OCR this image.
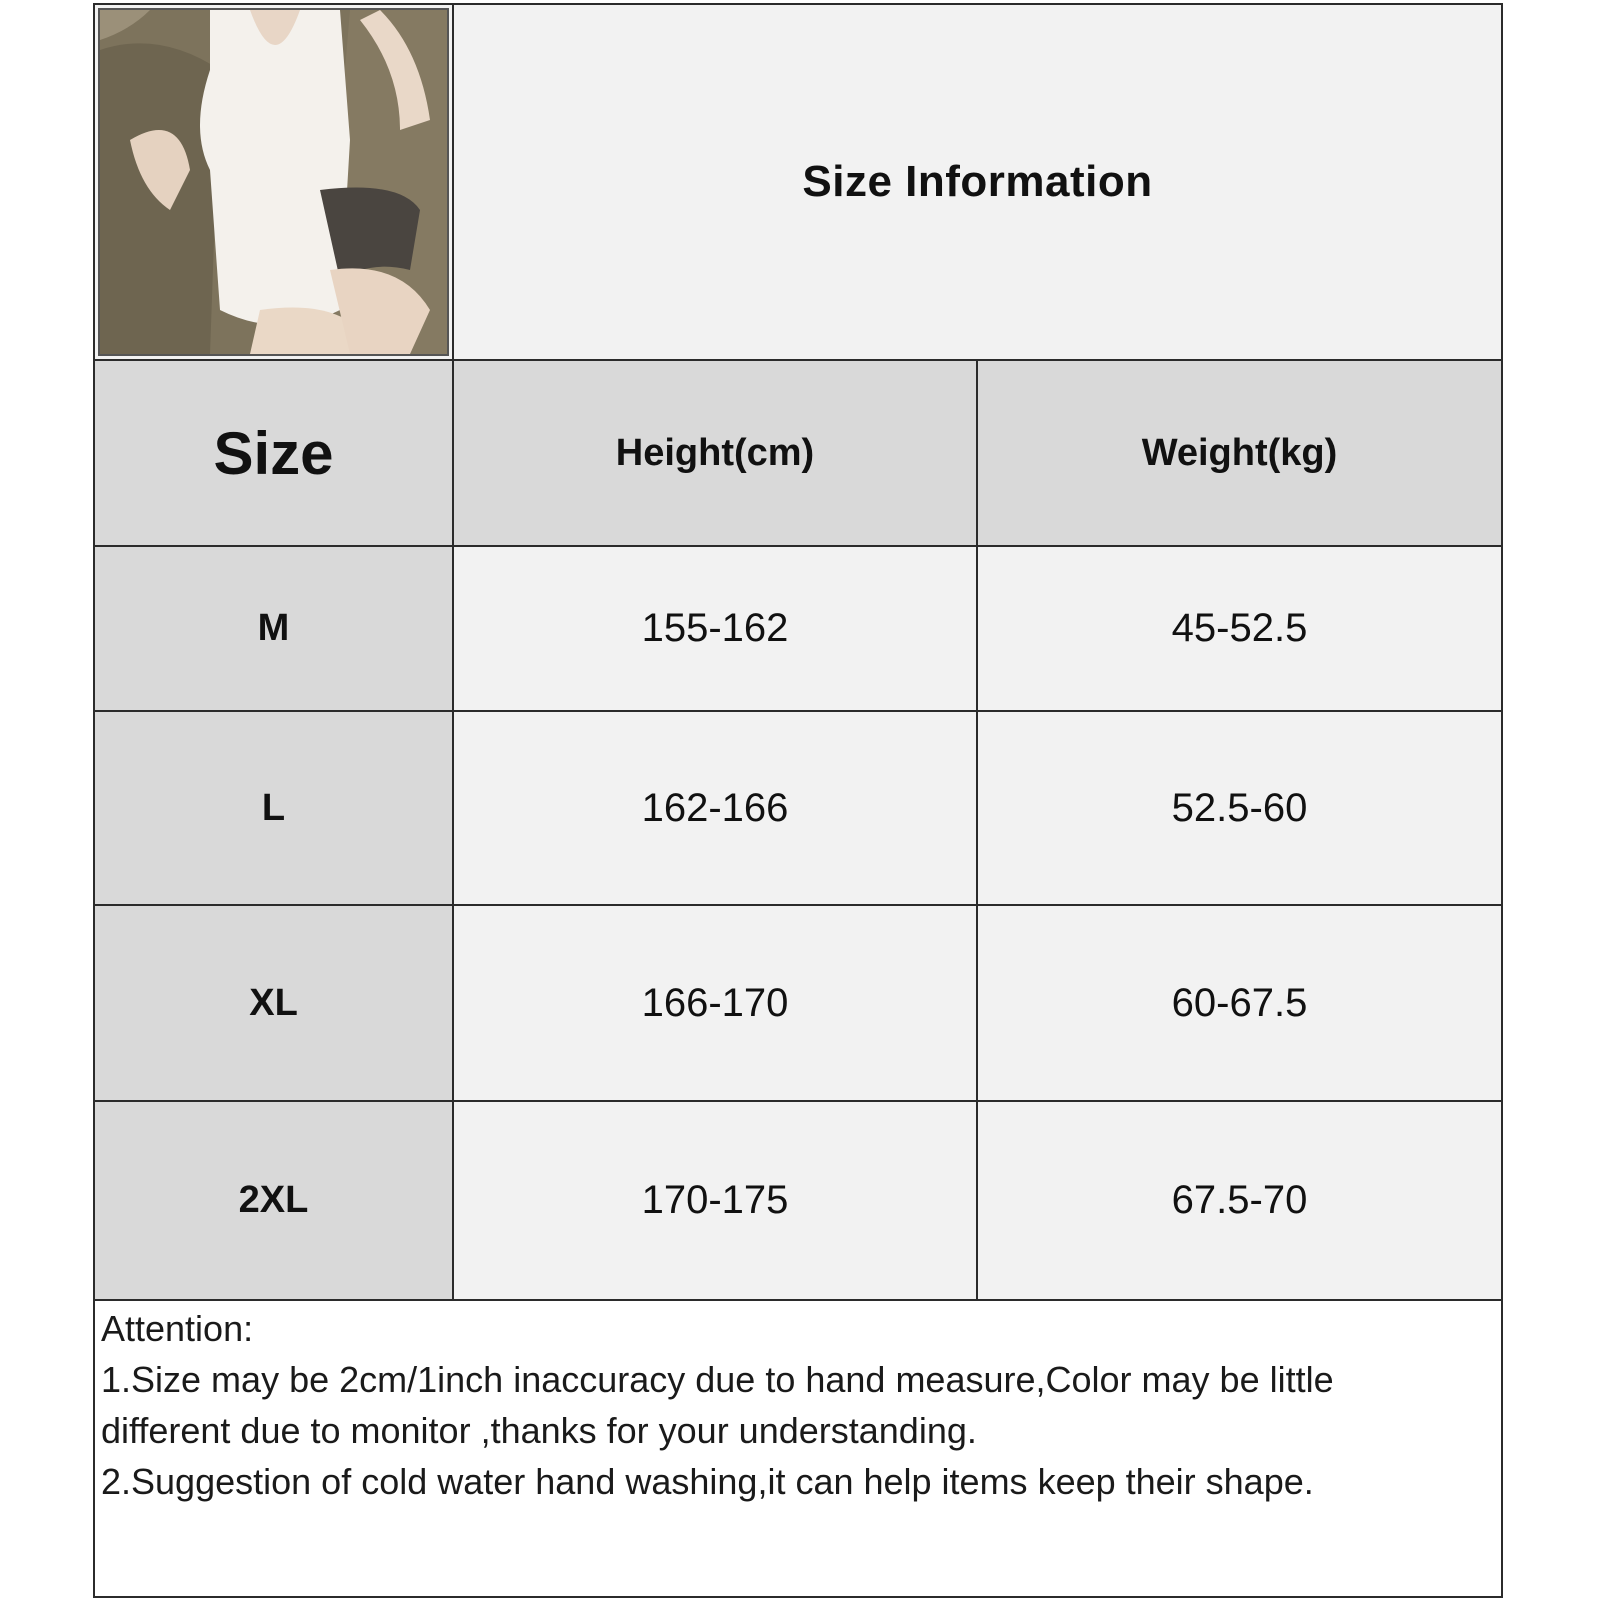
Size Information
Size	Height(cm)	Weight(kg)
M	155-162	45-52.5
L	162-166	52.5-60
XL	166-170	60-67.5
2XL	170-175	67.5-70

Attention:

1.Size may be 2cm/1inch inaccuracy due to hand measure,Color may be little

different due to monitor ,thanks for your understanding.

2.Suggestion of cold water hand washing,it can help items keep their shape.
